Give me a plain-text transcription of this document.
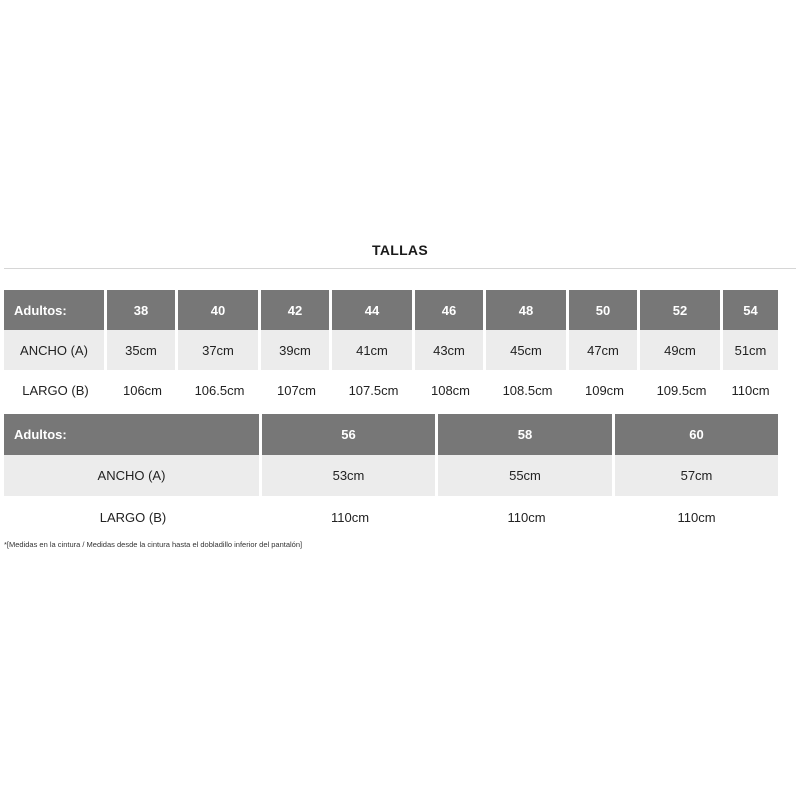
TALLAS
Adultos:	38	40	42	44	46	48	50	52	54
ANCHO (A)	35cm	37cm	39cm	41cm	43cm	45cm	47cm	49cm	51cm
LARGO (B)	106cm	106.5cm	107cm	107.5cm	108cm	108.5cm	109cm	109.5cm	110cm
Adultos:	56	58	60
ANCHO (A)	53cm	55cm	57cm
LARGO (B)	110cm	110cm	110cm
*[Medidas en la cintura / Medidas desde la cintura hasta el dobladillo inferior del pantalón]
